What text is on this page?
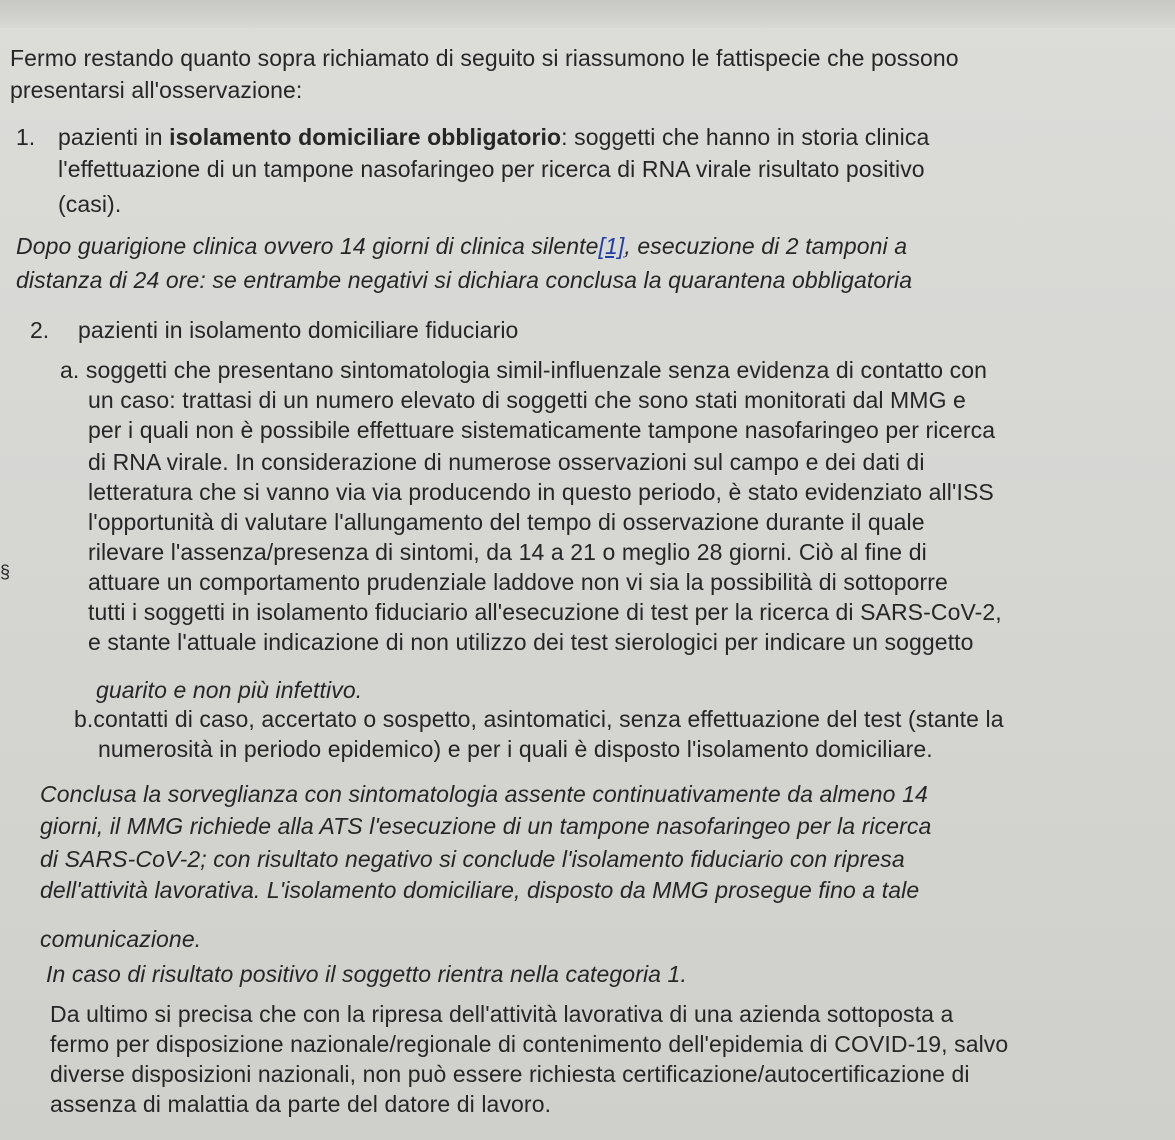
Fermo restando quanto sopra richiamato di seguito si riassumono le fattispecie che possono
presentarsi all'osservazione:
1. pazienti in isolamento domiciliare obbligatorio: soggetti che hanno in storia clinica
l'effettuazione di un tampone nasofaringeo per ricerca di RNA virale risultato positivo
(casi).
Dopo guarigione clinica ovvero 14 giorni di clinica silente[1], esecuzione di 2 tamponi a
distanza di 24 ore: se entrambe negativi si dichiara conclusa la quarantena obbligatoria
2. pazienti in isolamento domiciliare fiduciario
a. soggetti che presentano sintomatologia simil-influenzale senza evidenza di contatto con
un caso: trattasi di un numero elevato di soggetti che sono stati monitorati dal MMG e
per i quali non è possibile effettuare sistematicamente tampone nasofaringeo per ricerca
di RNA virale. In considerazione di numerose osservazioni sul campo e dei dati di
letteratura che si vanno via via producendo in questo periodo, è stato evidenziato all'ISS
l'opportunità di valutare l'allungamento del tempo di osservazione durante il quale
rilevare l'assenza/presenza di sintomi, da 14 a 21 o meglio 28 giorni. Ciò al fine di
§	attuare un comportamento prudenziale laddove non vi sia la possibilità di sottoporre
tutti i soggetti in isolamento fiduciario all'esecuzione di test per la ricerca di SARS-CoV-2,
e stante l'attuale indicazione di non utilizzo dei test sierologici per indicare un soggetto
guarito e non più infettivo.
b.contatti di caso, accertato o sospetto, asintomatici, senza effettuazione del test (stante la
numerosità in periodo epidemico) e per i quali è disposto l'isolamento domiciliare.
Conclusa la sorveglianza con sintomatologia assente continuativamente da almeno 14
giorni, il MMG richiede alla ATS l'esecuzione di un tampone nasofaringeo per la ricerca
di SARS-CoV-2; con risultato negativo si conclude l'isolamento fiduciario con ripresa
dell'attività lavorativa. L'isolamento domiciliare, disposto da MMG prosegue fino a tale
comunicazione.
In caso di risultato positivo il soggetto rientra nella categoria 1.
Da ultimo si precisa che con la ripresa dell'attività lavorativa di una azienda sottoposta a
fermo per disposizione nazionale/regionale di contenimento dell'epidemia di COVID-19, salvo
diverse disposizioni nazionali, non può essere richiesta certificazione/autocertificazione di
assenza di malattia da parte del datore di lavoro.
